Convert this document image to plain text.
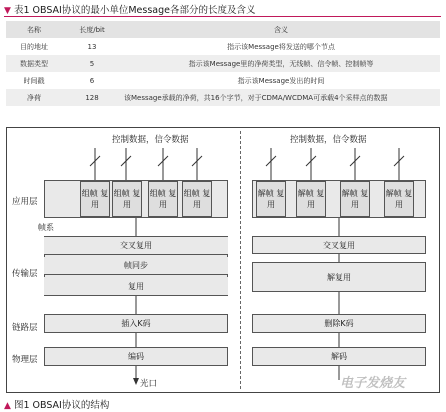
▼ 表1 OBSAI协议的最小单位Message各部分的长度及含义
名称	长度/bit	含义
目的地址	13	指示该Message将发送的哪个节点
数据类型	5	指示该Message里的净荷类型，无线帧、信令帧、控制帧等
时间戳	6	指示该Message发出的时间
净荷	128	该Message承载的净荷，共16个字节，对于CDMA/WCDMA可承载4个采样点的数据
应用层
传输层
链路层
物理层
控制数据，信令数据
组帧 复用
组帧 复用
组帧 复用
组帧 复用
帧系
交叉复用
帧同步
复用
插入K码
编码
光口
控制数据，信令数据
解帧 复用
解帧 复用
解帧 复用
解帧 复用
交叉复用
解复用
删除K码
解码
▲ 图1 OBSAI协议的结构
电子发烧友
